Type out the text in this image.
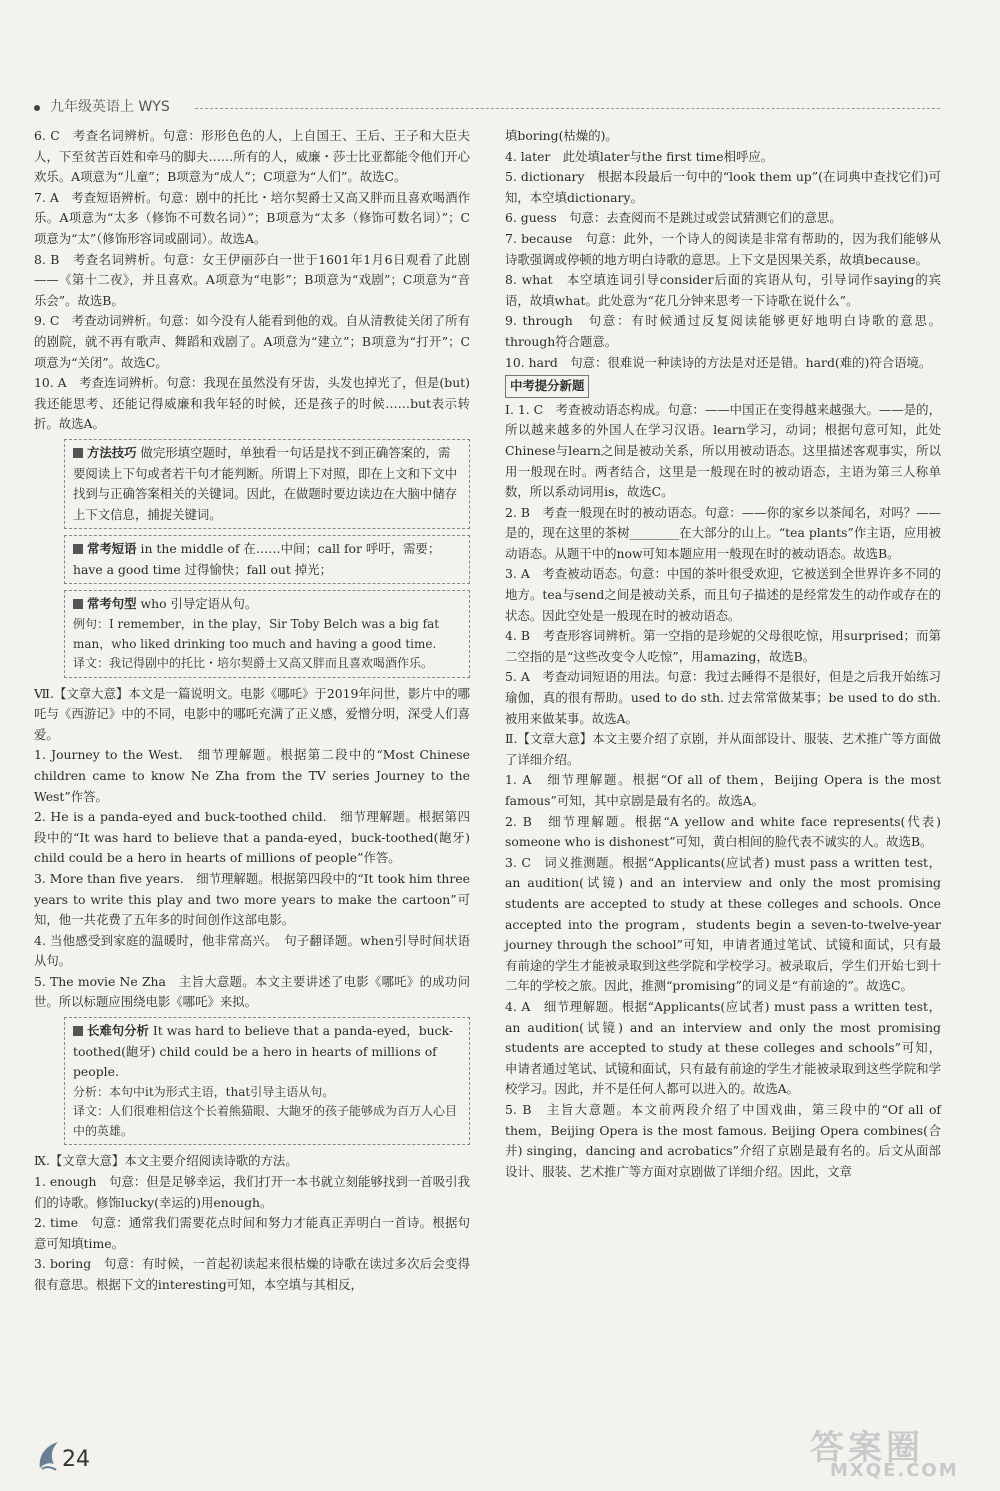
九年级英语上 WYS

6. C　考查名词辨析。句意：形形色色的人，上自国王、王后、王子和大臣夫人，下至贫苦百姓和牵马的脚夫……所有的人，威廉・莎士比亚都能令他们开心欢乐。A项意为“儿童”；B项意为“成人”；C项意为“人们”。故选C。

7. A　考查短语辨析。句意：剧中的托比・培尔契爵士又高又胖而且喜欢喝酒作乐。A项意为“太多（修饰不可数名词）”；B项意为“太多（修饰可数名词）”；C项意为“太”（修饰形容词或副词）。故选A。

8. B　考查名词辨析。句意：女王伊丽莎白一世于1601年1月6日观看了此剧——《第十二夜》，并且喜欢。A项意为“电影”；B项意为“戏剧”；C项意为“音乐会”。故选B。

9. C　考查动词辨析。句意：如今没有人能看到他的戏。自从清教徒关闭了所有的剧院，就不再有歌声、舞蹈和戏剧了。A项意为“建立”；B项意为“打开”；C项意为“关闭”。故选C。

10. A　考查连词辨析。句意：我现在虽然没有牙齿，头发也掉光了，但是(but)我还能思考、还能记得威廉和我年轻的时候，还是孩子的时候……but表示转折。故选A。

方法技巧 做完形填空题时，单独看一句话是找不到正确答案的，需要阅读上下句或者若干句才能判断。所谓上下对照，即在上文和下文中找到与正确答案相关的关键词。因此，在做题时要边读边在大脑中储存上下文信息，捕捉关键词。
常考短语 in the middle of 在……中间；call for 呼吁，需要；have a good time 过得愉快；fall out 掉光；
常考句型 who 引导定语从句。
例句：I remember，in the play，Sir Toby Belch was a big fat man，who liked drinking too much and having a good time.
译文：我记得剧中的托比・培尔契爵士又高又胖而且喜欢喝酒作乐。

Ⅶ.【文章大意】本文是一篇说明文。电影《哪吒》于2019年问世，影片中的哪吒与《西游记》中的不同，电影中的哪吒充满了正义感，爱憎分明，深受人们喜爱。

1. Journey to the West.　细节理解题。根据第二段中的“Most Chinese children came to know Ne Zha from the TV series Journey to the West”作答。

2. He is a panda-eyed and buck-toothed child.　细节理解题。根据第四段中的“It was hard to believe that a panda-eyed，buck-toothed(龅牙) child could be a hero in hearts of millions of people”作答。

3. More than five years.　细节理解题。根据第四段中的“It took him three years to write this play and two more years to make the cartoon”可知，他一共花费了五年多的时间创作这部电影。

4. 当他感受到家庭的温暖时，他非常高兴。　句子翻译题。when引导时间状语从句。

5. The movie Ne Zha　主旨大意题。本文主要讲述了电影《哪吒》的成功问世。所以标题应围绕电影《哪吒》来拟。

长难句分析 It was hard to believe that a panda-eyed，buck-toothed(龅牙) child could be a hero in hearts of millions of people.
分析：本句中it为形式主语，that引导主语从句。
译文：人们很难相信这个长着熊猫眼、大龅牙的孩子能够成为百万人心目中的英雄。

Ⅸ.【文章大意】本文主要介绍阅读诗歌的方法。

1. enough　句意：但是足够幸运，我们打开一本书就立刻能够找到一首吸引我们的诗歌。修饰lucky(幸运的)用enough。

2. time　句意：通常我们需要花点时间和努力才能真正弄明白一首诗。根据句意可知填time。

3. boring　句意：有时候，一首起初读起来很枯燥的诗歌在读过多次后会变得很有意思。根据下文的interesting可知，本空填与其相反，

填boring(枯燥的)。

4. later　此处填later与the first time相呼应。

5. dictionary　根据本段最后一句中的“look them up”(在词典中查找它们)可知，本空填dictionary。

6. guess　句意：去查阅而不是跳过或尝试猜测它们的意思。

7. because　句意：此外，一个诗人的阅读是非常有帮助的，因为我们能够从诗歌强调或停顿的地方明白诗歌的意思。上下文是因果关系，故填because。

8. what　本空填连词引导consider后面的宾语从句，引导词作saying的宾语，故填what。此处意为“花几分钟来思考一下诗歌在说什么”。

9. through　句意：有时候通过反复阅读能够更好地明白诗歌的意思。through符合题意。

10. hard　句意：很难说一种读诗的方法是对还是错。hard(难的)符合语境。

中考提分新题

Ⅰ. 1. C　考查被动语态构成。句意：——中国正在变得越来越强大。——是的，所以越来越多的外国人在学习汉语。learn学习，动词；根据句意可知，此处Chinese与learn之间是被动关系，所以用被动语态。这里描述客观事实，所以用一般现在时。两者结合，这里是一般现在时的被动语态，主语为第三人称单数，所以系动词用is，故选C。

2. B　考查一般现在时的被动语态。句意：——你的家乡以茶闻名，对吗？——是的，现在这里的茶树________在大部分的山上。“tea plants”作主语，应用被动语态。从题干中的now可知本题应用一般现在时的被动语态。故选B。

3. A　考查被动语态。句意：中国的茶叶很受欢迎，它被送到全世界许多不同的地方。tea与send之间是被动关系，而且句子描述的是经常发生的动作或存在的状态。因此空处是一般现在时的被动语态。

4. B　考查形容词辨析。第一空指的是珍妮的父母很吃惊，用surprised；而第二空指的是“这些改变令人吃惊”，用amazing，故选B。

5. A　考查动词短语的用法。句意：我过去睡得不是很好，但是之后我开始练习瑜伽，真的很有帮助。used to do sth. 过去常常做某事；be used to do sth. 被用来做某事。故选A。

Ⅱ.【文章大意】本文主要介绍了京剧，并从面部设计、服装、艺术推广等方面做了详细介绍。

1. A　细节理解题。根据“Of all of them，Beijing Opera is the most famous”可知，其中京剧是最有名的。故选A。

2. B　细节理解题。根据“A yellow and white face represents(代表) someone who is dishonest”可知，黄白相间的脸代表不诚实的人。故选B。

3. C　词义推测题。根据“Applicants(应试者) must pass a written test，an audition(试镜) and an interview and only the most promising students are accepted to study at these colleges and schools. Once accepted into the program，students begin a seven-to-twelve-year journey through the school”可知，申请者通过笔试、试镜和面试，只有最有前途的学生才能被录取到这些学院和学校学习。被录取后，学生们开始七到十二年的学校之旅。因此，推测“promising”的词义是“有前途的”。故选C。

4. A　细节理解题。根据“Applicants(应试者) must pass a written test，an audition(试镜) and an interview and only the most promising students are accepted to study at these colleges and schools”可知，申请者通过笔试、试镜和面试，只有最有前途的学生才能被录取到这些学院和学校学习。因此，并不是任何人都可以进入的。故选A。

5. B　主旨大意题。本文前两段介绍了中国戏曲，第三段中的“Of all of them，Beijing Opera is the most famous. Beijing Opera combines(合并) singing，dancing and acrobatics”介绍了京剧是最有名的。后文从面部设计、服装、艺术推广等方面对京剧做了详细介绍。因此，文章

24	答案圈
MXQE.COM
